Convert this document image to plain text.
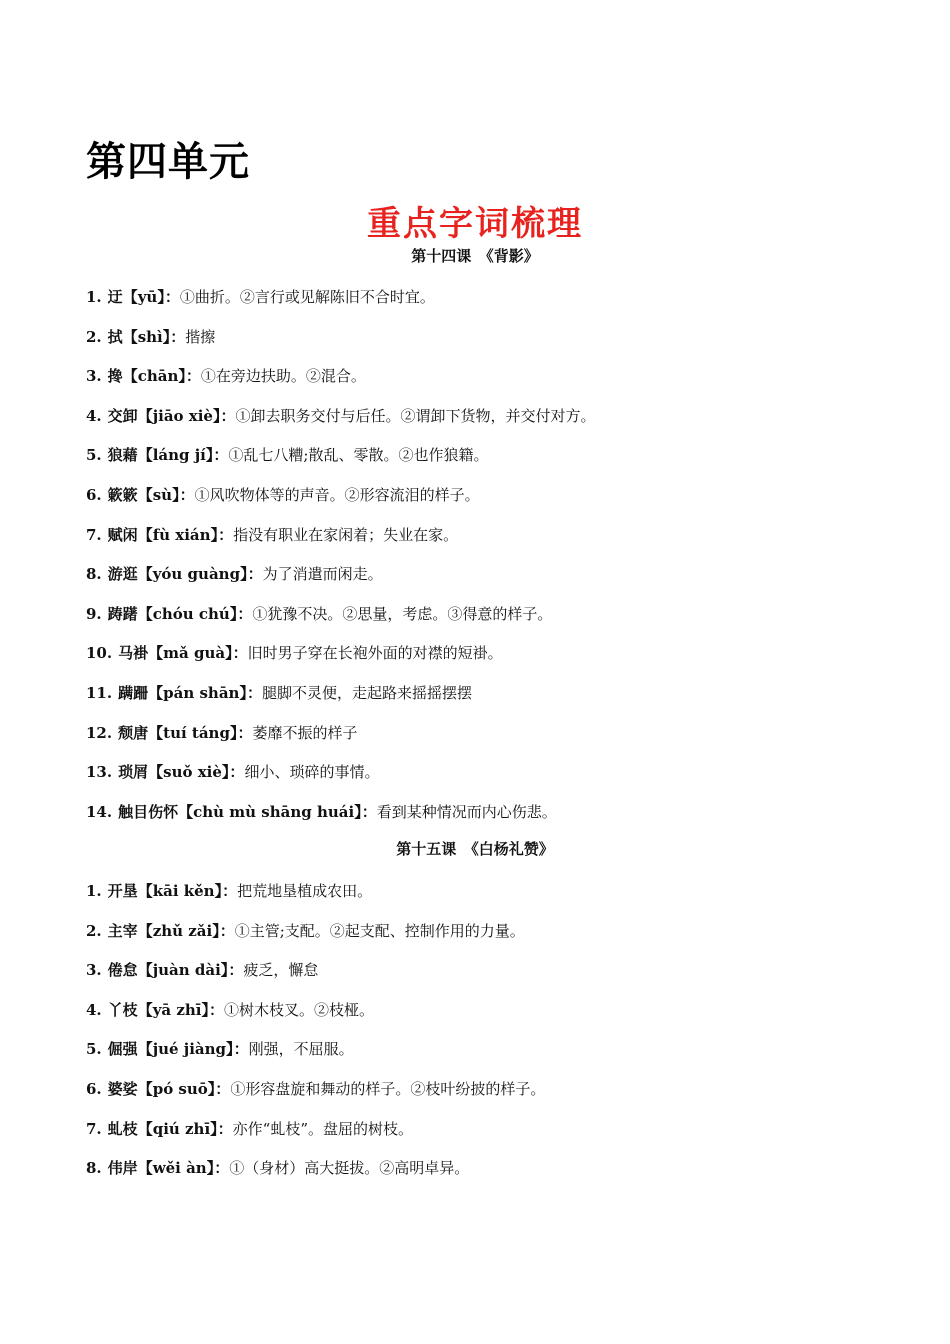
第四单元
重点字词梳理
第十四课　《背影》
1. 迂【yū】：①曲折。②言行或见解陈旧不合时宜。
2. 拭【shì】：揩擦
3. 搀【chān】：①在旁边扶助。②混合。
4. 交卸【jiāo xiè】：①卸去职务交付与后任。②谓卸下货物，并交付对方。
5. 狼藉【láng jí】：①乱七八糟;散乱、零散。②也作狼籍。
6. 簌簌【sù】：①风吹物体等的声音。②形容流泪的样子。
7. 赋闲【fù xián】：指没有职业在家闲着；失业在家。
8. 游逛【yóu guàng】：为了消遣而闲走。
9. 踌躇【chóu chú】：①犹豫不决。②思量，考虑。③得意的样子。
10. 马褂【mǎ guà】：旧时男子穿在长袍外面的对襟的短褂。
11. 蹒跚【pán shān】：腿脚不灵便，走起路来摇摇摆摆
12. 颓唐【tuí táng】：萎靡不振的样子
13. 琐屑【suǒ xiè】：细小、琐碎的事情。
14. 触目伤怀【chù mù shāng huái】：看到某种情况而内心伤悲。
第十五课　《白杨礼赞》
1. 开垦【kāi kěn】：把荒地垦植成农田。
2. 主宰【zhǔ zǎi】：①主管;支配。②起支配、控制作用的力量。
3. 倦怠【juàn dài】：疲乏，懈怠
4. 丫枝【yā zhī】：①树木枝叉。②枝桠。
5. 倔强【jué jiàng】：刚强，不屈服。
6. 婆娑【pó suō】：①形容盘旋和舞动的样子。②枝叶纷披的样子。
7. 虬枝【qiú zhī】：亦作“虬枝”。盘屈的树枝。
8. 伟岸【wěi àn】：①（身材）高大挺拔。②高明卓异。
